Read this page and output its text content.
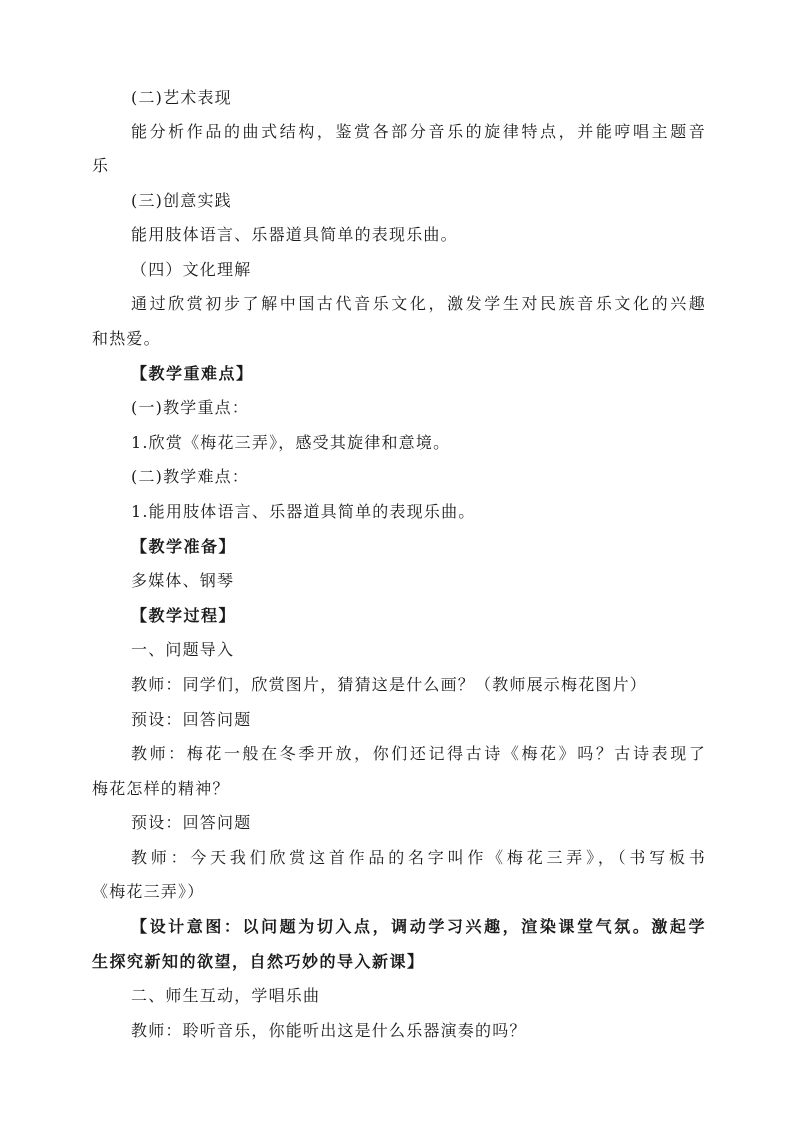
(二)艺术表现
能分析作品的曲式结构，鉴赏各部分音乐的旋律特点，并能哼唱主题音
乐
(三)创意实践
能用肢体语言、乐器道具简单的表现乐曲。
（四）文化理解
通过欣赏初步了解中国古代音乐文化，激发学生对民族音乐文化的兴趣
和热爱。
【教学重难点】
(一)教学重点：
1.欣赏《梅花三弄》，感受其旋律和意境。
(二)教学难点：
1.能用肢体语言、乐器道具简单的表现乐曲。
【教学准备】
多媒体、钢琴
【教学过程】
一、问题导入
教师：同学们，欣赏图片，猜猜这是什么画？（教师展示梅花图片）
预设：回答问题
教师：梅花一般在冬季开放，你们还记得古诗《梅花》吗？古诗表现了
梅花怎样的精神？
预设：回答问题
教师：今天我们欣赏这首作品的名字叫作《梅花三弄》，（书写板书
《梅花三弄》）
【设计意图：以问题为切入点，调动学习兴趣，渲染课堂气氛。激起学
生探究新知的欲望，自然巧妙的导入新课】
二、师生互动，学唱乐曲
教师：聆听音乐，你能听出这是什么乐器演奏的吗？
